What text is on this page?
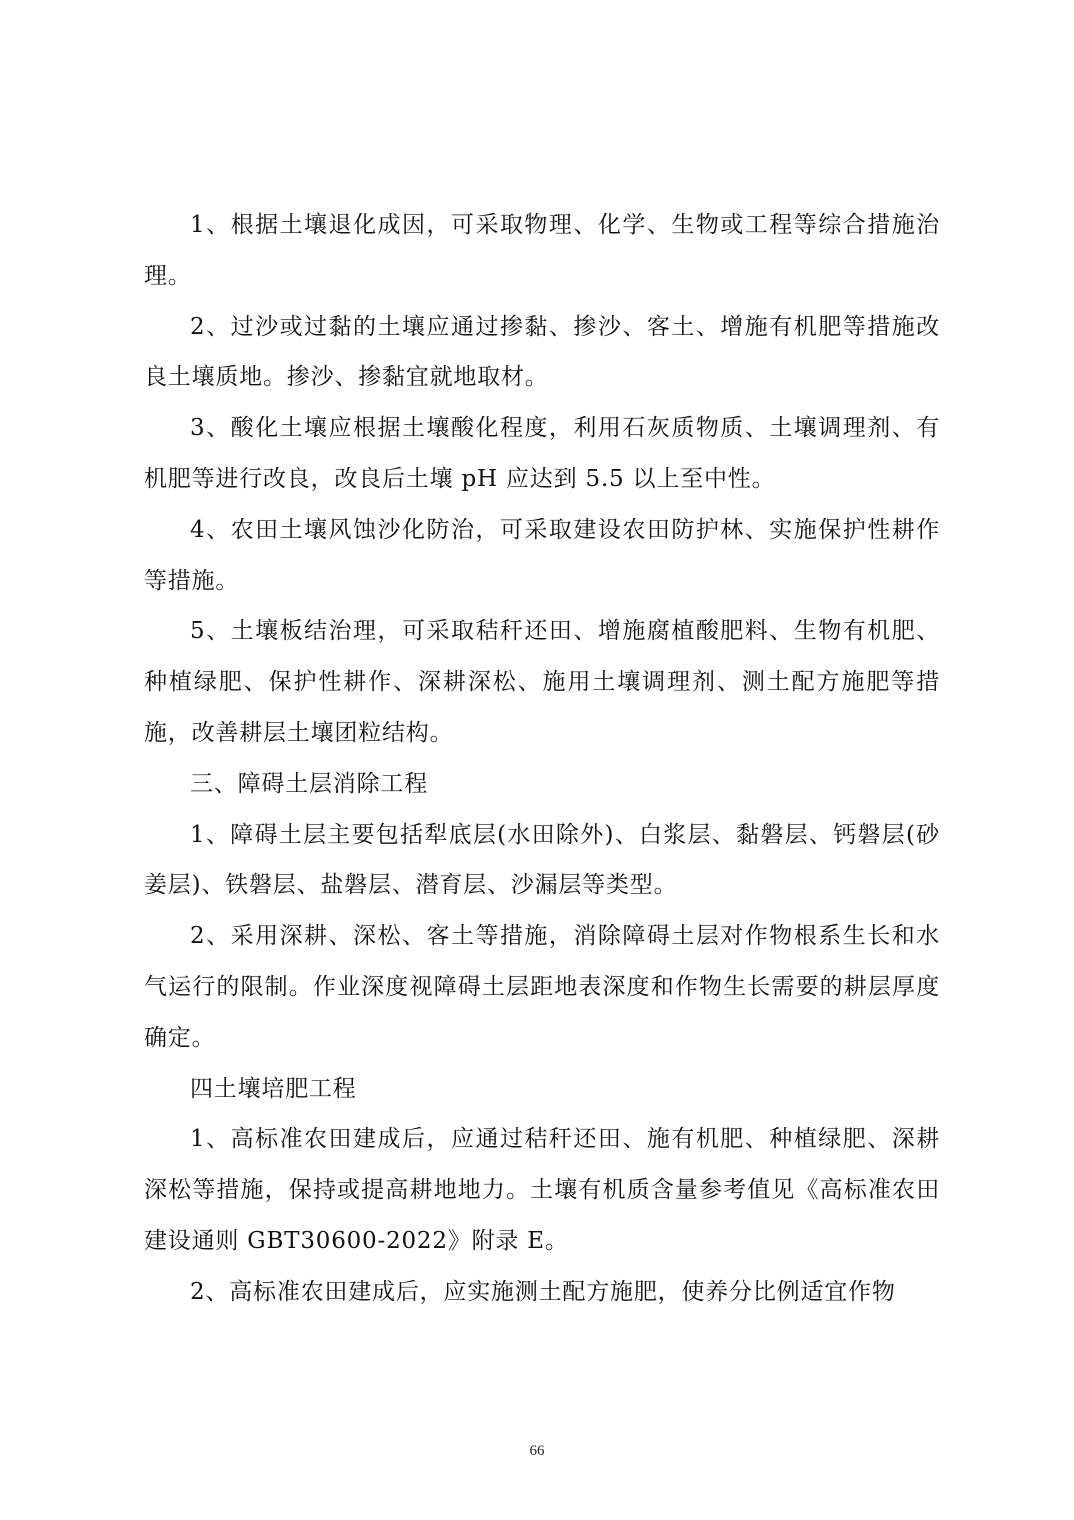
1、根据土壤退化成因，可采取物理、化学、生物或工程等综合措施治理。

2、过沙或过黏的土壤应通过掺黏、掺沙、客土、增施有机肥等措施改良土壤质地。掺沙、掺黏宜就地取材。

3、酸化土壤应根据土壤酸化程度，利用石灰质物质、土壤调理剂、有机肥等进行改良，改良后土壤 pH 应达到 5.5 以上至中性。

4、农田土壤风蚀沙化防治，可采取建设农田防护林、实施保护性耕作等措施。

5、土壤板结治理，可采取秸秆还田、增施腐植酸肥料、生物有机肥、种植绿肥、保护性耕作、深耕深松、施用土壤调理剂、测土配方施肥等措施，改善耕层土壤团粒结构。

三、障碍土层消除工程

1、障碍土层主要包括犁底层(水田除外)、白浆层、黏磐层、钙磐层(砂姜层)、铁磐层、盐磐层、潜育层、沙漏层等类型。

2、采用深耕、深松、客土等措施，消除障碍土层对作物根系生长和水气运行的限制。作业深度视障碍土层距地表深度和作物生长需要的耕层厚度确定。

四土壤培肥工程

1、高标准农田建成后，应通过秸秆还田、施有机肥、种植绿肥、深耕深松等措施，保持或提高耕地地力。土壤有机质含量参考值见《高标准农田建设通则 GBT30600-2022》附录 E。

2、高标准农田建成后，应实施测土配方施肥，使养分比例适宜作物

66
